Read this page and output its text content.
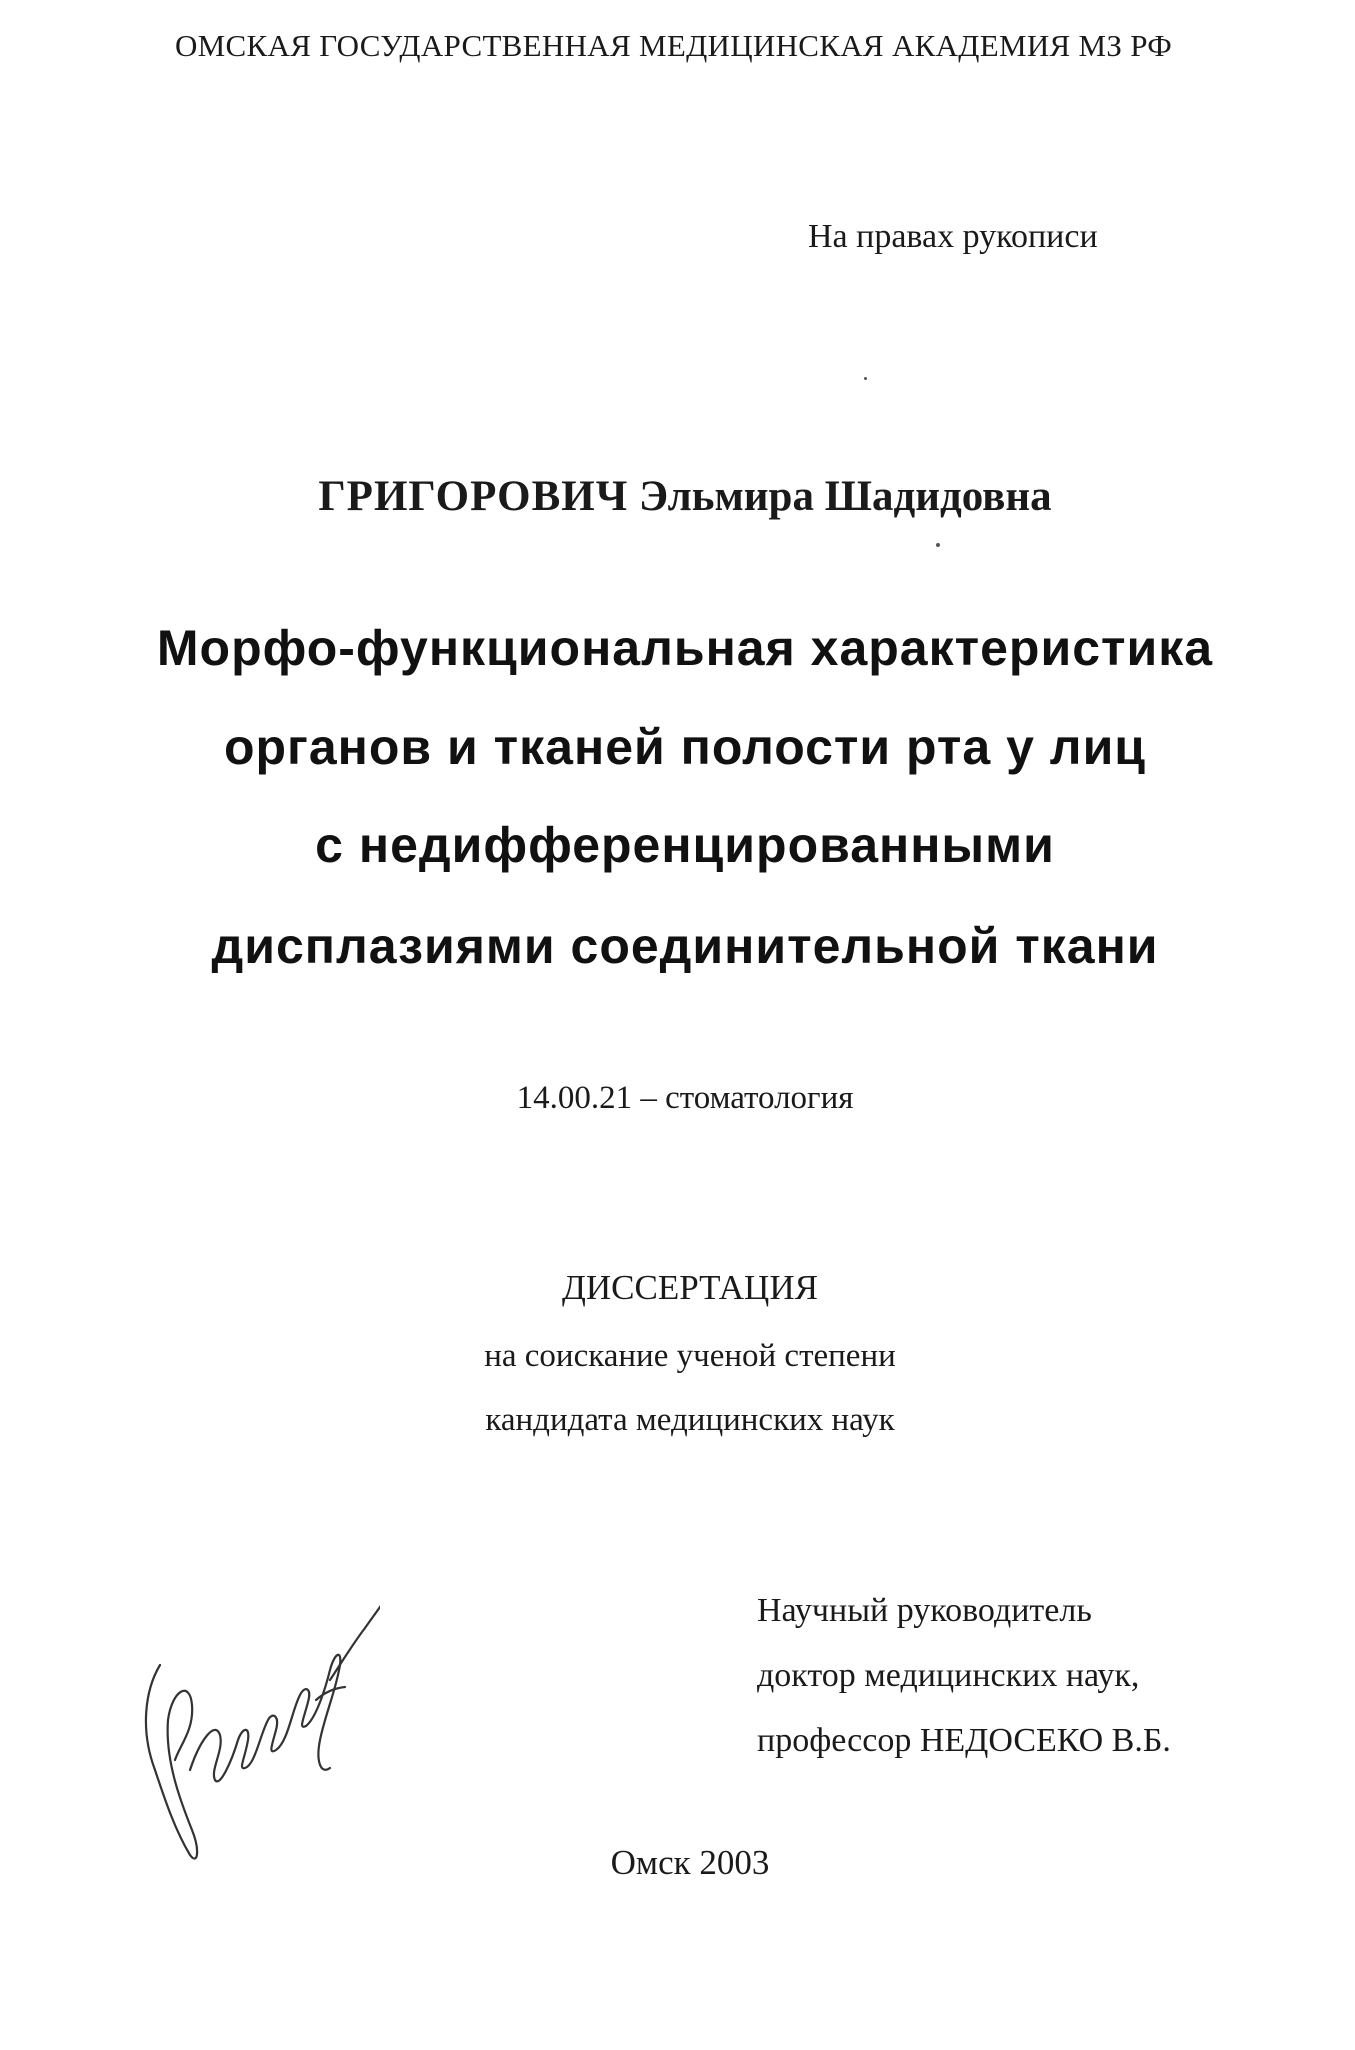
ОМСКАЯ ГОСУДАРСТВЕННАЯ МЕДИЦИНСКАЯ АКАДЕМИЯ МЗ РФ
На правах рукописи
ГРИГОРОВИЧ Эльмира Шадидовна
Морфо-функциональная характеристика
органов и тканей полости рта у лиц
с недифференцированными
дисплазиями соединительной ткани
14.00.21 – стоматология
ДИССЕРТАЦИЯ
на соискание ученой степени
кандидата медицинских наук
Научный руководитель
доктор медицинских наук,
профессор НЕДОСЕКО В.Б.
Омск 2003
